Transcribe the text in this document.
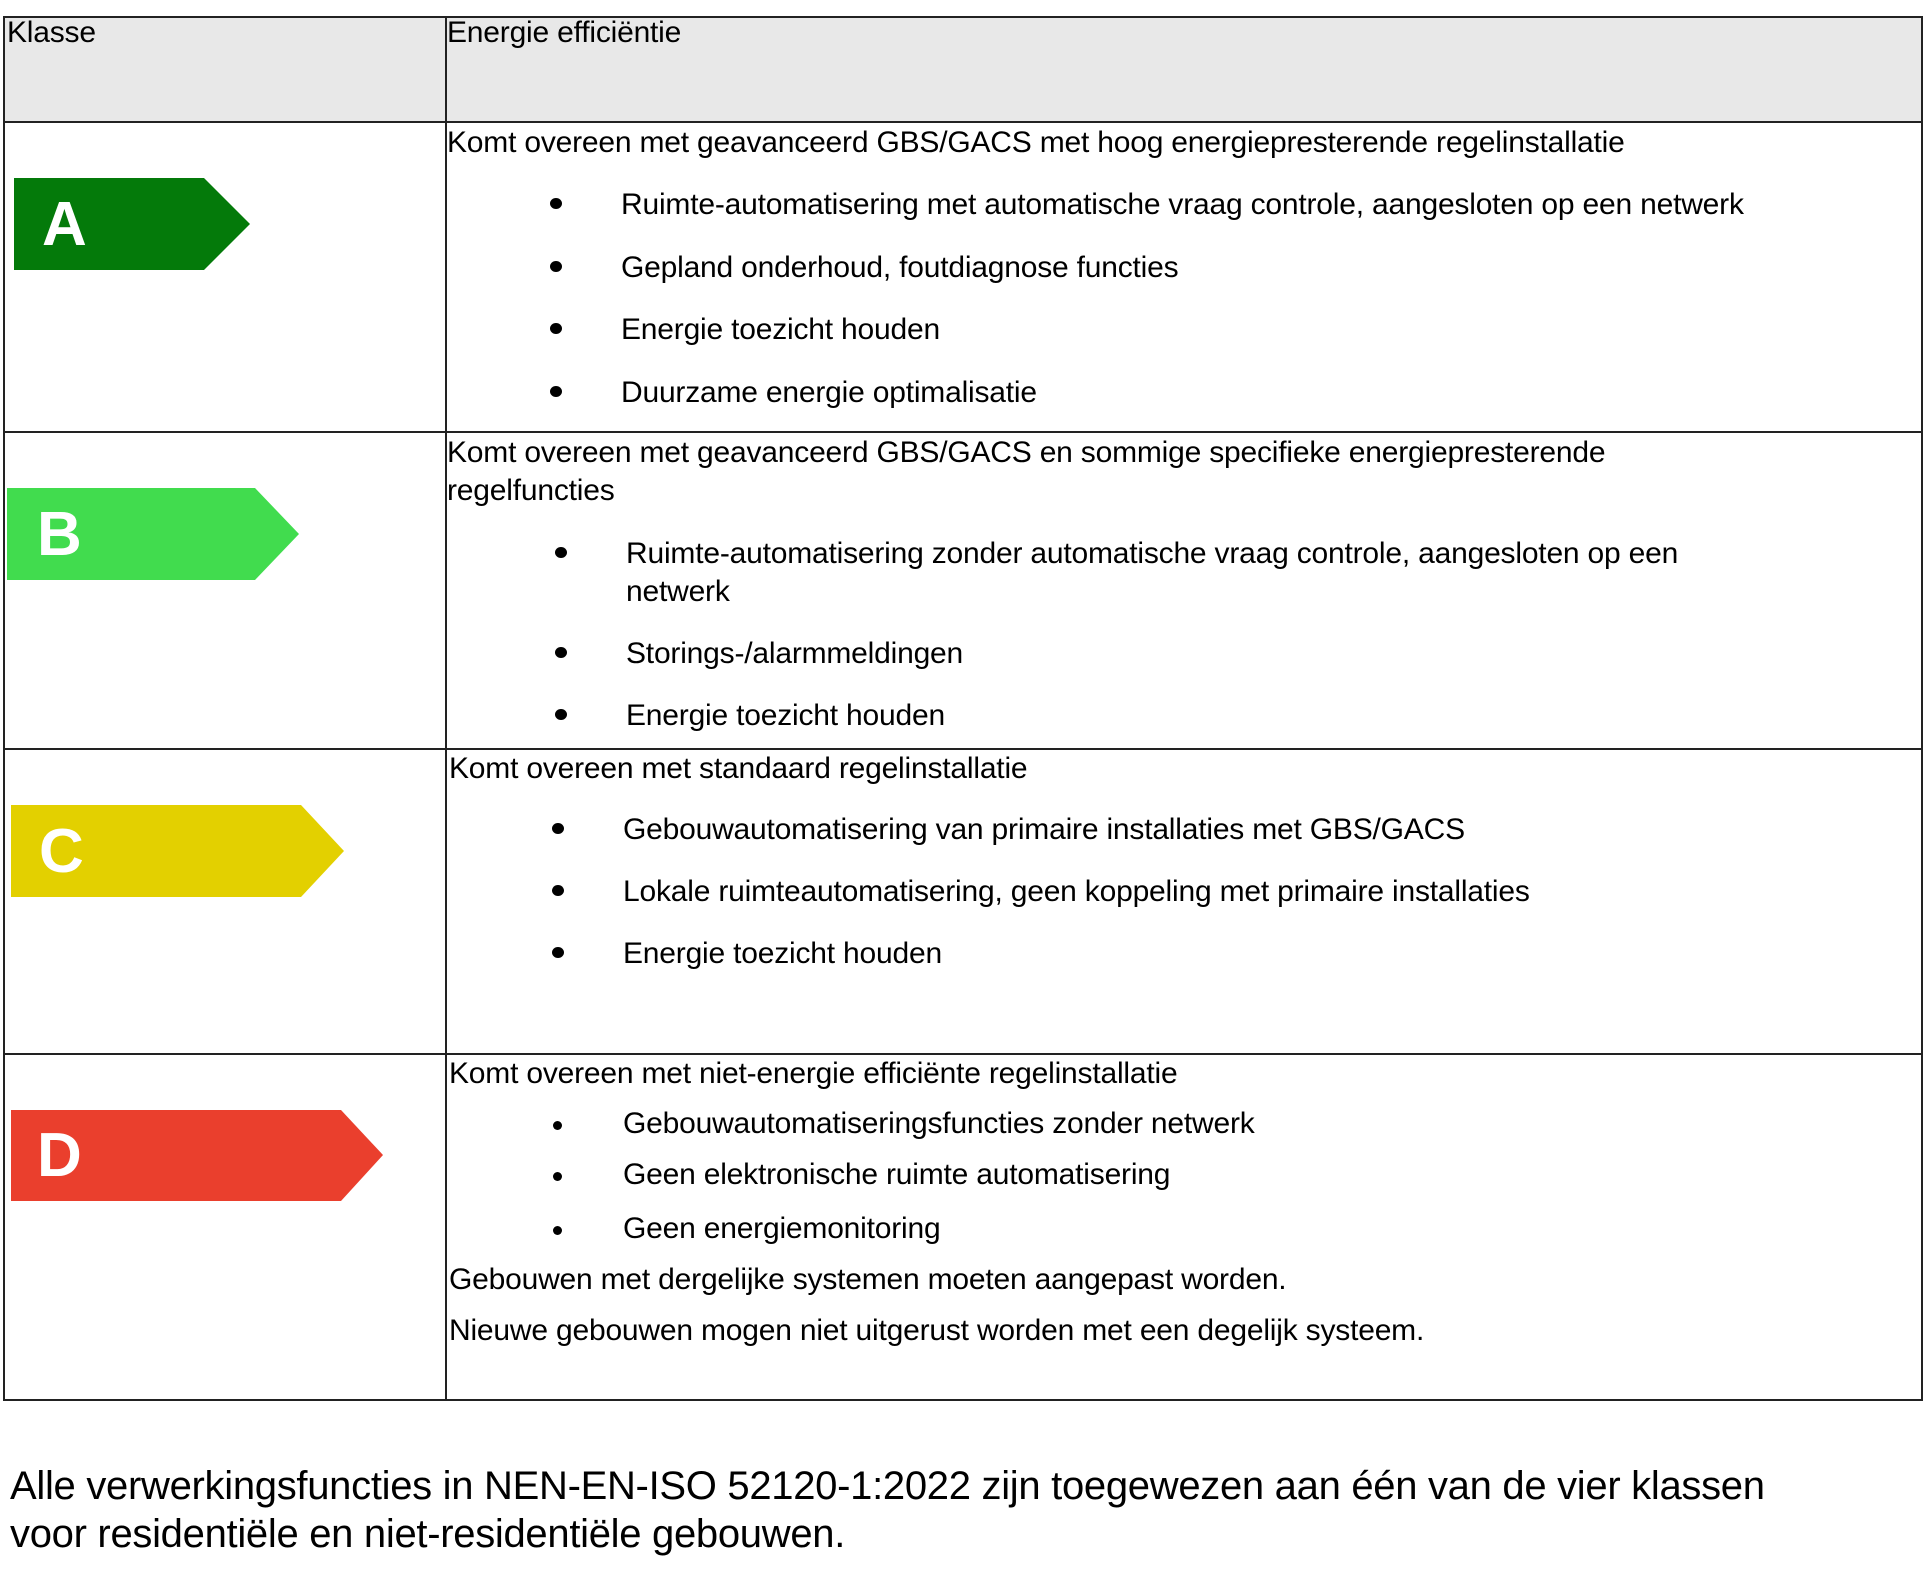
Klasse	Energie efficiëntie
A
Komt overeen met geavanceerd GBS/GACS met hoog energiepresterende regelinstallatie
Ruimte-automatisering met automatische vraag controle, aangesloten op een netwerk
Gepland onderhoud, foutdiagnose functies
Energie toezicht houden
Duurzame energie optimalisatie
B
Komt overeen met geavanceerd GBS/GACS en sommige specifieke energiepresterende
regelfuncties
Ruimte-automatisering zonder automatische vraag controle, aangesloten op een
netwerk
Storings-/alarmmeldingen
Energie toezicht houden
C
Komt overeen met standaard regelinstallatie
Gebouwautomatisering van primaire installaties met GBS/GACS
Lokale ruimteautomatisering, geen koppeling met primaire installaties
Energie toezicht houden
D
Komt overeen met niet-energie efficiënte regelinstallatie
Gebouwautomatiseringsfuncties zonder netwerk
Geen elektronische ruimte automatisering
Geen energiemonitoring
Gebouwen met dergelijke systemen moeten aangepast worden.
Nieuwe gebouwen mogen niet uitgerust worden met een degelijk systeem.
Alle verwerkingsfuncties in NEN-EN-ISO 52120-1:2022 zijn toegewezen aan één van de vier klassen
voor residentiële en niet-residentiële gebouwen.
